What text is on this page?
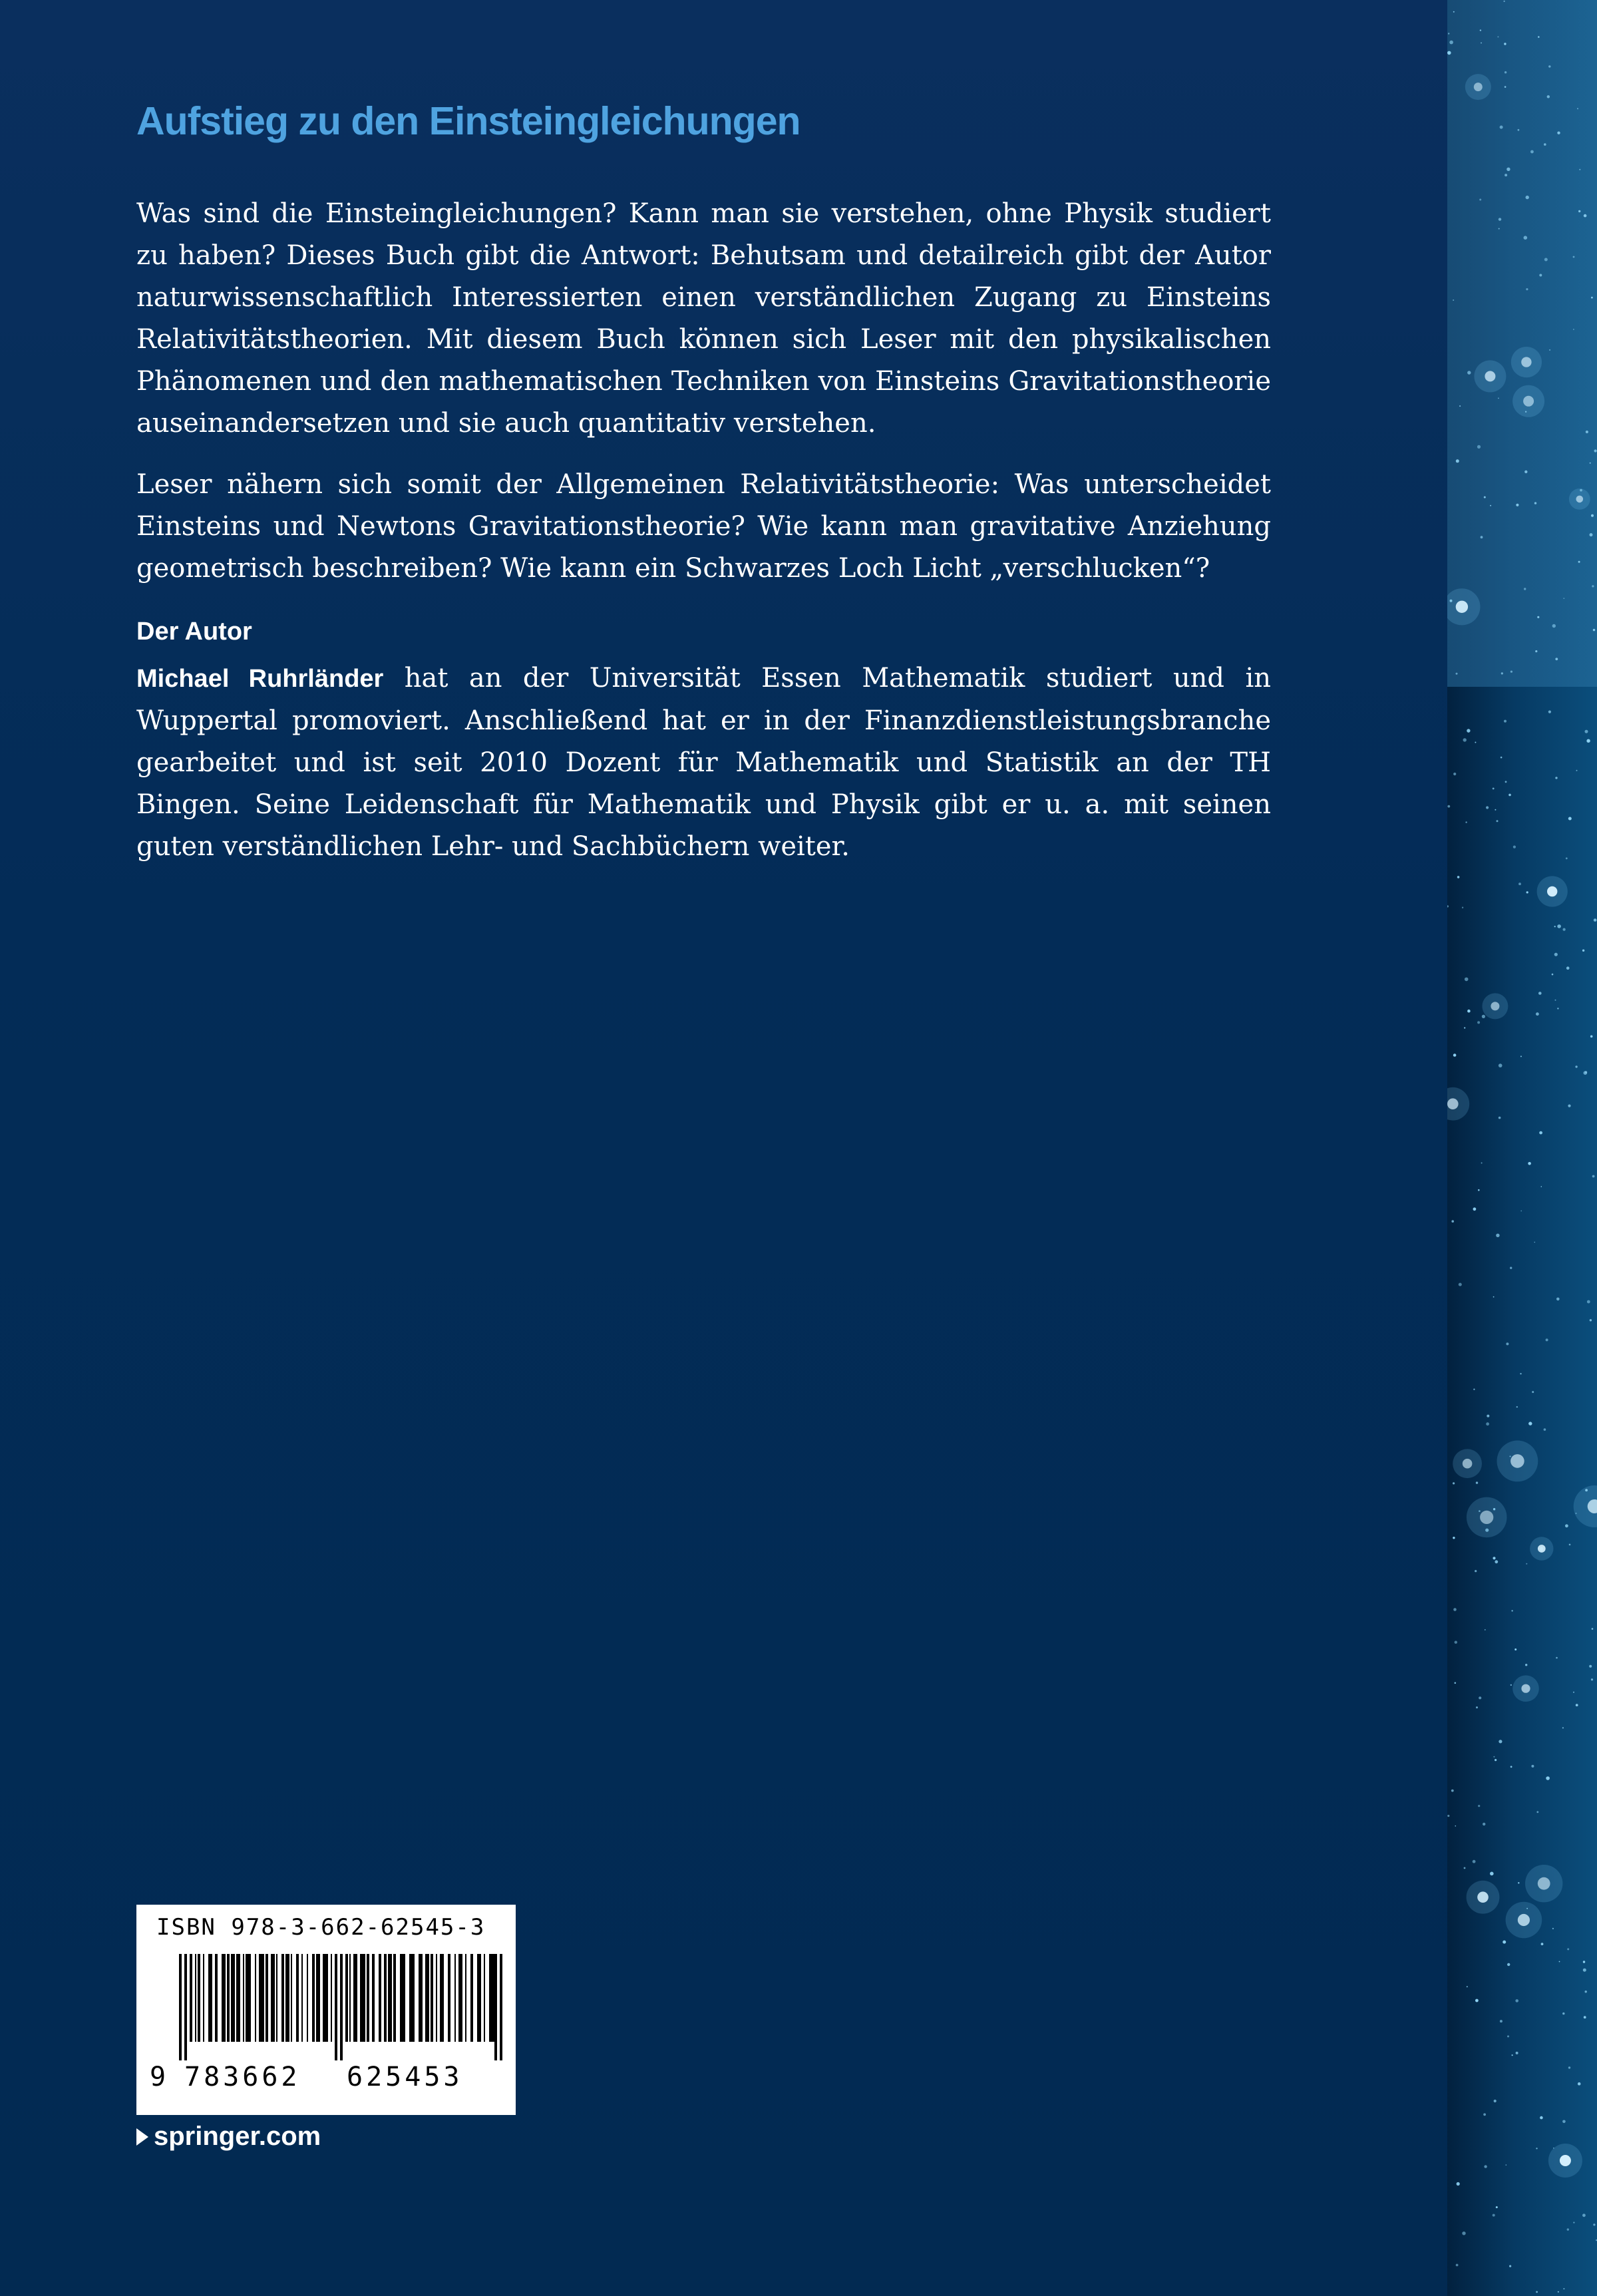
Aufstieg zu den Einsteingleichungen

Was sind die Einsteingleichungen? Kann man sie verstehen, ohne Physik studiert zu haben? Dieses Buch gibt die Antwort: Behutsam und detailreich gibt der Autor naturwissenschaftlich Interessierten einen verständlichen Zugang zu Einsteins Relativitätstheorien. Mit diesem Buch können sich Leser mit den physikalischen Phänomenen und den mathematischen Techniken von Einsteins Gravitationstheorie auseinandersetzen und sie auch quantitativ verstehen.

Leser nähern sich somit der Allgemeinen Relativitätstheorie: Was unterscheidet Einsteins und Newtons Gravitationstheorie? Wie kann man gravitative Anziehung geometrisch beschreiben? Wie kann ein Schwarzes Loch Licht „verschlucken“?

Der Autor

Michael Ruhrländer hat an der Universität Essen Mathematik studiert und in Wuppertal promoviert. Anschließend hat er in der Finanzdienstleistungsbranche gearbeitet und ist seit 2010 Dozent für Mathematik und Statistik an der TH Bingen. Seine Leidenschaft für Mathematik und Physik gibt er u. a. mit seinen guten verständlichen Lehr- und Sachbüchern weiter.

ISBN 978-3-662-62545-3

9 783662	625453

springer.com
